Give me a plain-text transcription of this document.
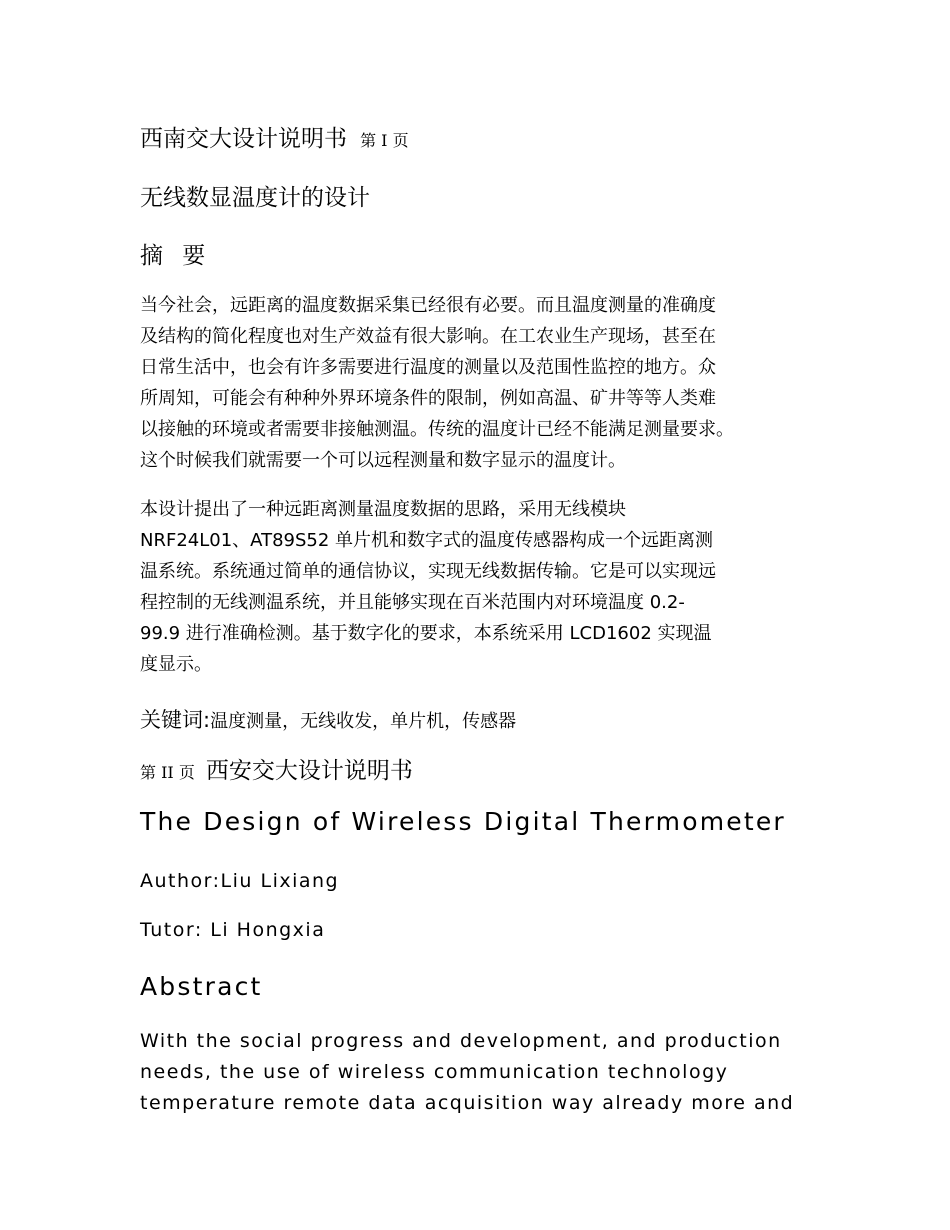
西南交大设计说明书 第 I 页
无线数显温度计的设计
摘 要
当今社会，远距离的温度数据采集已经很有必要。而且温度测量的准确度
及结构的简化程度也对生产效益有很大影响。在工农业生产现场，甚至在
日常生活中，也会有许多需要进行温度的测量以及范围性监控的地方。众
所周知，可能会有种种外界环境条件的限制，例如高温、矿井等等人类难
以接触的环境或者需要非接触测温。传统的温度计已经不能满足测量要求。
这个时候我们就需要一个可以远程测量和数字显示的温度计。
本设计提出了一种远距离测量温度数据的思路，采用无线模块
NRF24L01、AT89S52 单片机和数字式的温度传感器构成一个远距离测
温系统。系统通过简单的通信协议，实现无线数据传输。它是可以实现远
程控制的无线测温系统，并且能够实现在百米范围内对环境温度 0.2-
99.9 进行准确检测。基于数字化的要求，本系统采用 LCD1602 实现温
度显示。
关键词:温度测量，无线收发，单片机，传感器
第 II 页 西安交大设计说明书
The Design of Wireless Digital Thermometer
Author:Liu Lixiang
Tutor: Li Hongxia
Abstract
With the social progress and development, and production
needs, the use of wireless communication technology
temperature remote data acquisition way already more and
